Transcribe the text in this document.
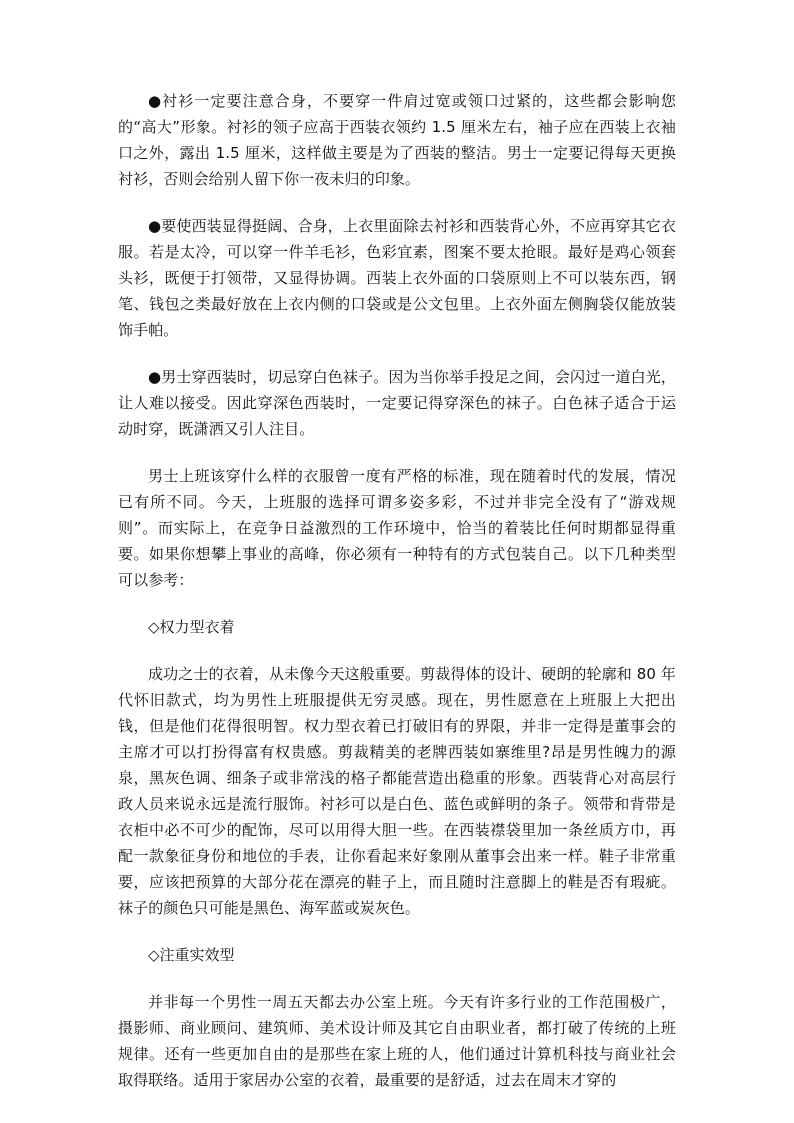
●衬衫一定要注意合身，不要穿一件肩过宽或领口过紧的，这些都会影响您的“高大”形象。衬衫的领子应高于西装衣领约 1.5 厘米左右，袖子应在西装上衣袖口之外，露出 1.5 厘米，这样做主要是为了西装的整洁。男士一定要记得每天更换衬衫，否则会给别人留下你一夜未归的印象。

●要使西装显得挺阔、合身，上衣里面除去衬衫和西装背心外，不应再穿其它衣服。若是太冷，可以穿一件羊毛衫，色彩宜素，图案不要太抢眼。最好是鸡心领套头衫，既便于打领带，又显得协调。西装上衣外面的口袋原则上不可以装东西，钢笔、钱包之类最好放在上衣内侧的口袋或是公文包里。上衣外面左侧胸袋仅能放装饰手帕。

●男士穿西装时，切忌穿白色袜子。因为当你举手投足之间，会闪过一道白光，让人难以接受。因此穿深色西装时，一定要记得穿深色的袜子。白色袜子适合于运动时穿，既潇洒又引人注目。

男士上班该穿什么样的衣服曾一度有严格的标准，现在随着时代的发展，情况已有所不同。今天，上班服的选择可谓多姿多彩，不过并非完全没有了“游戏规则”。而实际上，在竞争日益激烈的工作环境中，恰当的着装比任何时期都显得重要。如果你想攀上事业的高峰，你必须有一种特有的方式包装自己。以下几种类型可以参考：

◇权力型衣着

成功之士的衣着，从未像今天这般重要。剪裁得体的设计、硬朗的轮廓和 80 年代怀旧款式，均为男性上班服提供无穷灵感。现在，男性愿意在上班服上大把出钱，但是他们花得很明智。权力型衣着已打破旧有的界限，并非一定得是董事会的主席才可以打扮得富有权贵感。剪裁精美的老牌西装如寨维里?昂是男性魄力的源泉，黑灰色调、细条子或非常浅的格子都能营造出稳重的形象。西装背心对高层行政人员来说永远是流行服饰。衬衫可以是白色、蓝色或鲜明的条子。领带和背带是衣柜中必不可少的配饰，尽可以用得大胆一些。在西装襟袋里加一条丝质方巾，再配一款象征身份和地位的手表，让你看起来好象刚从董事会出来一样。鞋子非常重要，应该把预算的大部分花在漂亮的鞋子上，而且随时注意脚上的鞋是否有瑕疵。袜子的颜色只可能是黑色、海军蓝或炭灰色。

◇注重实效型

并非每一个男性一周五天都去办公室上班。今天有许多行业的工作范围极广，摄影师、商业顾问、建筑师、美术设计师及其它自由职业者，都打破了传统的上班规律。还有一些更加自由的是那些在家上班的人，他们通过计算机科技与商业社会取得联络。适用于家居办公室的衣着，最重要的是舒适，过去在周末才穿的
